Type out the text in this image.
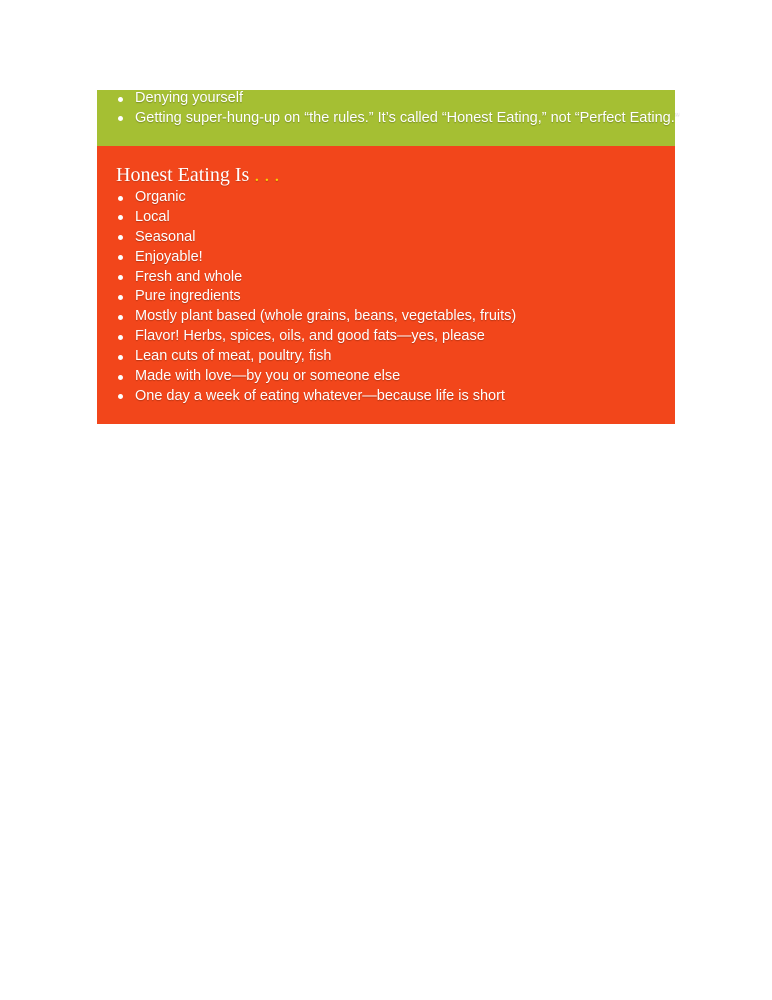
Denying yourself
Getting super-hung-up on “the rules.” It’s called “Honest Eating,” not “Perfect Eating.”
Honest Eating Is . . .
Organic
Local
Seasonal
Enjoyable!
Fresh and whole
Pure ingredients
Mostly plant based (whole grains, beans, vegetables, fruits)
Flavor! Herbs, spices, oils, and good fats—yes, please
Lean cuts of meat, poultry, fish
Made with love—by you or someone else
One day a week of eating whatever—because life is short
